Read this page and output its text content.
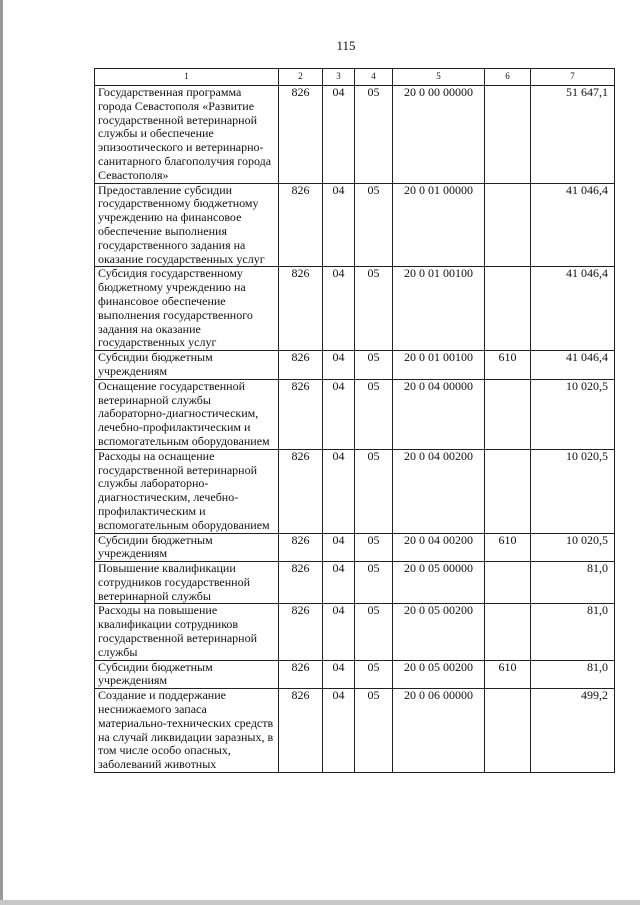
115
1	2	3	4	5	6	7
Государственная программа города Севастополя «Развитие государственной ветеринарной службы и обеспечение эпизоотического и ветеринарно-санитарного благополучия города Севастополя»	826	04	05	20 0 00 00000		51 647,1
Предоставление субсидии государственному бюджетному учреждению на финансовое обеспечение выполнения государственного задания на оказание государственных услуг	826	04	05	20 0 01 00000		41 046,4
Субсидия государственному бюджетному учреждению на финансовое обеспечение выполнения государственного задания на оказание государственных услуг	826	04	05	20 0 01 00100		41 046,4
Субсидии бюджетным учреждениям	826	04	05	20 0 01 00100	610	41 046,4
Оснащение государственной ветеринарной службы лабораторно-диагностическим, лечебно-профилактическим и вспомогательным оборудованием	826	04	05	20 0 04 00000		10 020,5
Расходы на оснащение государственной ветеринарной службы лабораторно-диагностическим, лечебно-профилактическим и вспомогательным оборудованием	826	04	05	20 0 04 00200		10 020,5
Субсидии бюджетным учреждениям	826	04	05	20 0 04 00200	610	10 020,5
Повышение квалификации сотрудников государственной ветеринарной службы	826	04	05	20 0 05 00000		81,0
Расходы на повышение квалификации сотрудников государственной ветеринарной службы	826	04	05	20 0 05 00200		81,0
Субсидии бюджетным учреждениям	826	04	05	20 0 05 00200	610	81,0
Создание и поддержание неснижаемого запаса материально-технических средств на случай ликвидации заразных, в том числе особо опасных, заболеваний животных	826	04	05	20 0 06 00000		499,2
